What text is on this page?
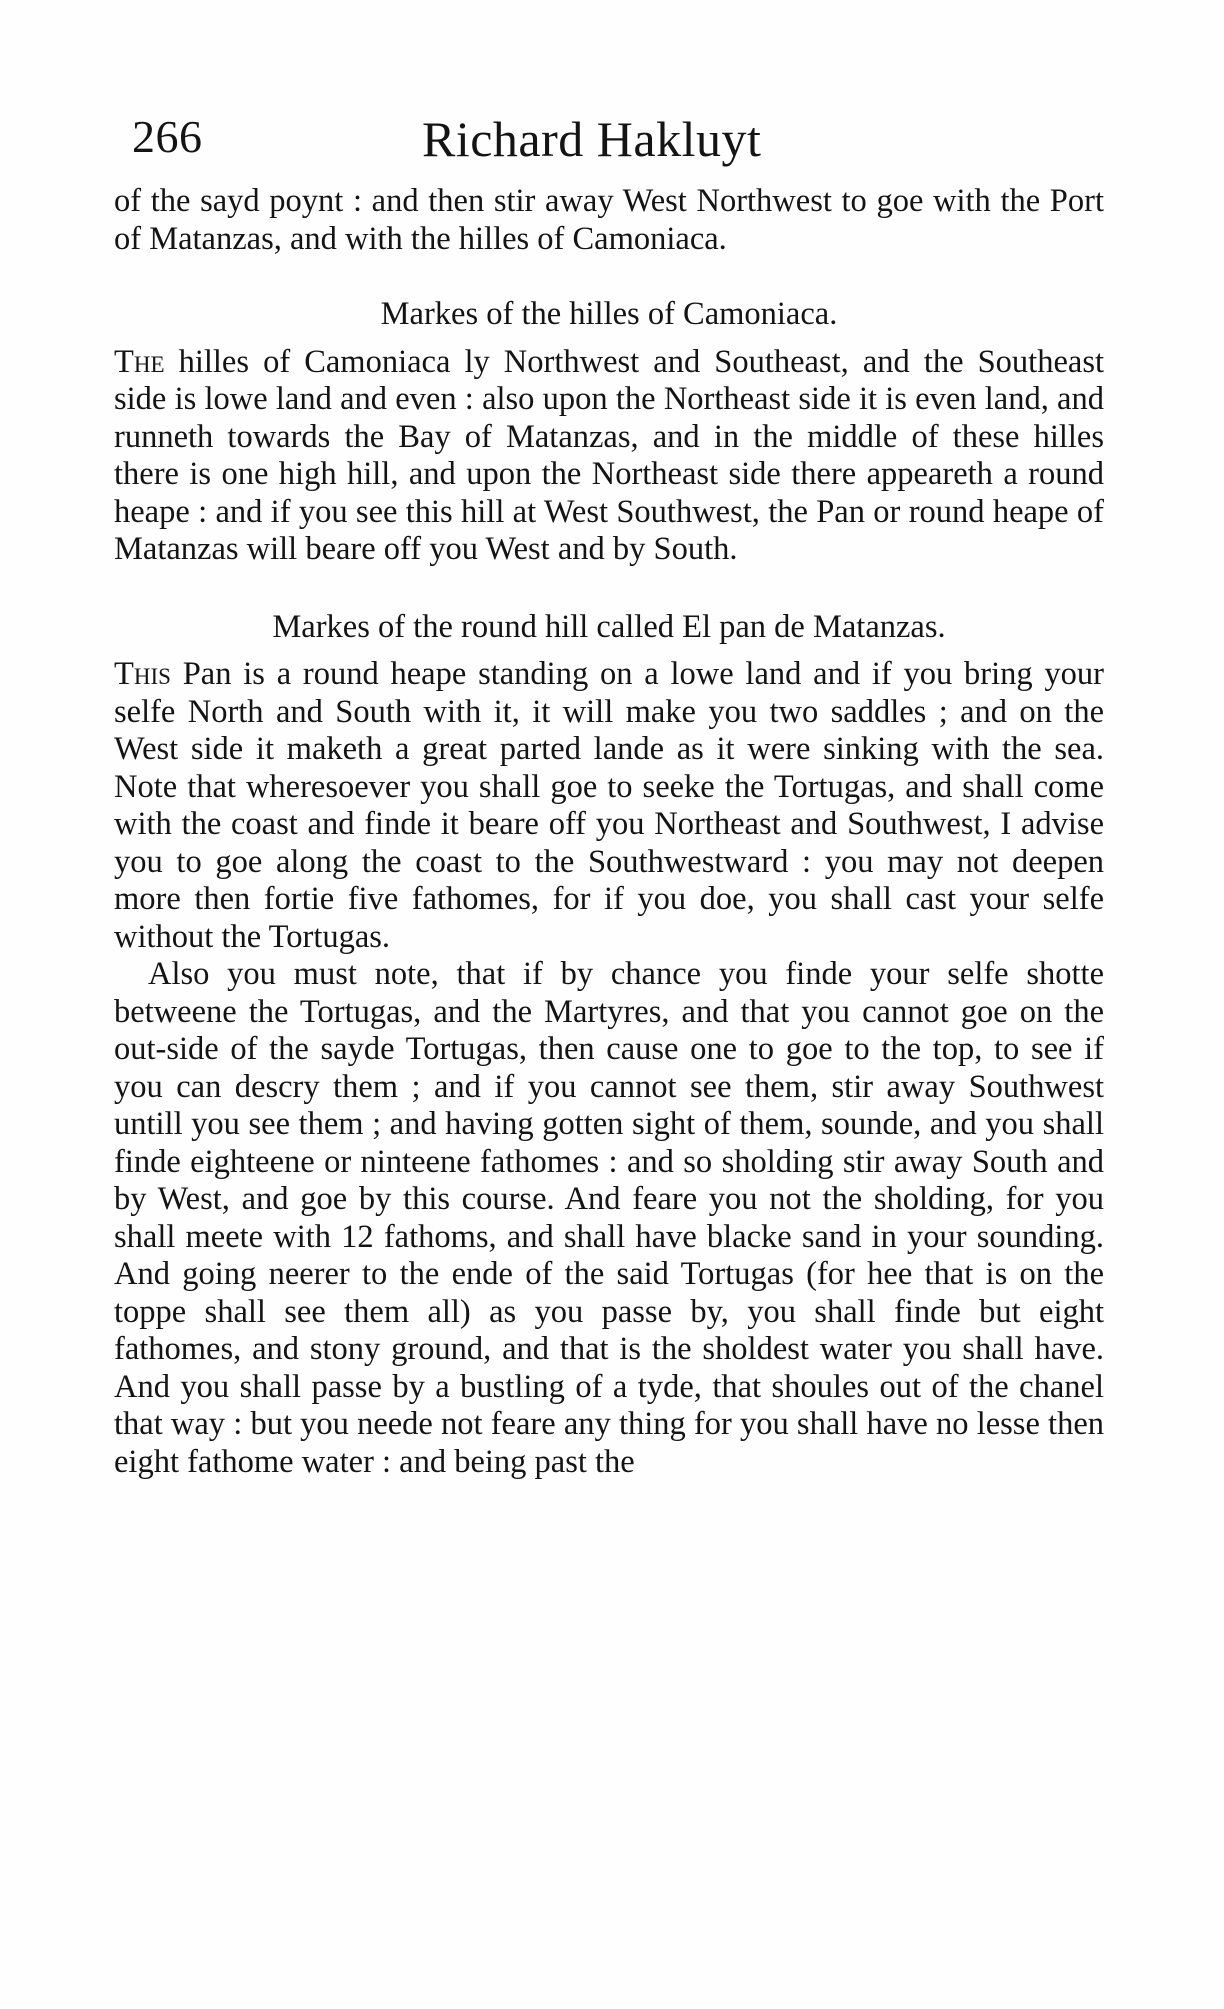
266	Richard Hakluyt

of the sayd poynt : and then stir away West Northwest to goe with the Port of Matanzas, and with the hilles of Camoniaca.

Markes of the hilles of Camoniaca.

The hilles of Camoniaca ly Northwest and Southeast, and the Southeast side is lowe land and even : also upon the Northeast side it is even land, and runneth towards the Bay of Matanzas, and in the middle of these hilles there is one high hill, and upon the Northeast side there appeareth a round heape : and if you see this hill at West Southwest, the Pan or round heape of Matanzas will beare off you West and by South.

Markes of the round hill called El pan de Matanzas.

This Pan is a round heape standing on a lowe land and if you bring your selfe North and South with it, it will make you two saddles ; and on the West side it maketh a great parted lande as it were sinking with the sea. Note that wheresoever you shall goe to seeke the Tortugas, and shall come with the coast and finde it beare off you Northeast and Southwest, I advise you to goe along the coast to the Southwestward : you may not deepen more then fortie five fathomes, for if you doe, you shall cast your selfe without the Tortugas.

Also you must note, that if by chance you finde your selfe shotte betweene the Tortugas, and the Martyres, and that you cannot goe on the out-side of the sayde Tortugas, then cause one to goe to the top, to see if you can descry them ; and if you cannot see them, stir away Southwest untill you see them ; and having gotten sight of them, sounde, and you shall finde eighteene or ninteene fathomes : and so sholding stir away South and by West, and goe by this course. And feare you not the sholding, for you shall meete with 12 fathoms, and shall have blacke sand in your sounding. And going neerer to the ende of the said Tortugas (for hee that is on the toppe shall see them all) as you passe by, you shall finde but eight fathomes, and stony ground, and that is the sholdest water you shall have. And you shall passe by a bustling of a tyde, that shoules out of the chanel that way : but you neede not feare any thing for you shall have no lesse then eight fathome water : and being past the
